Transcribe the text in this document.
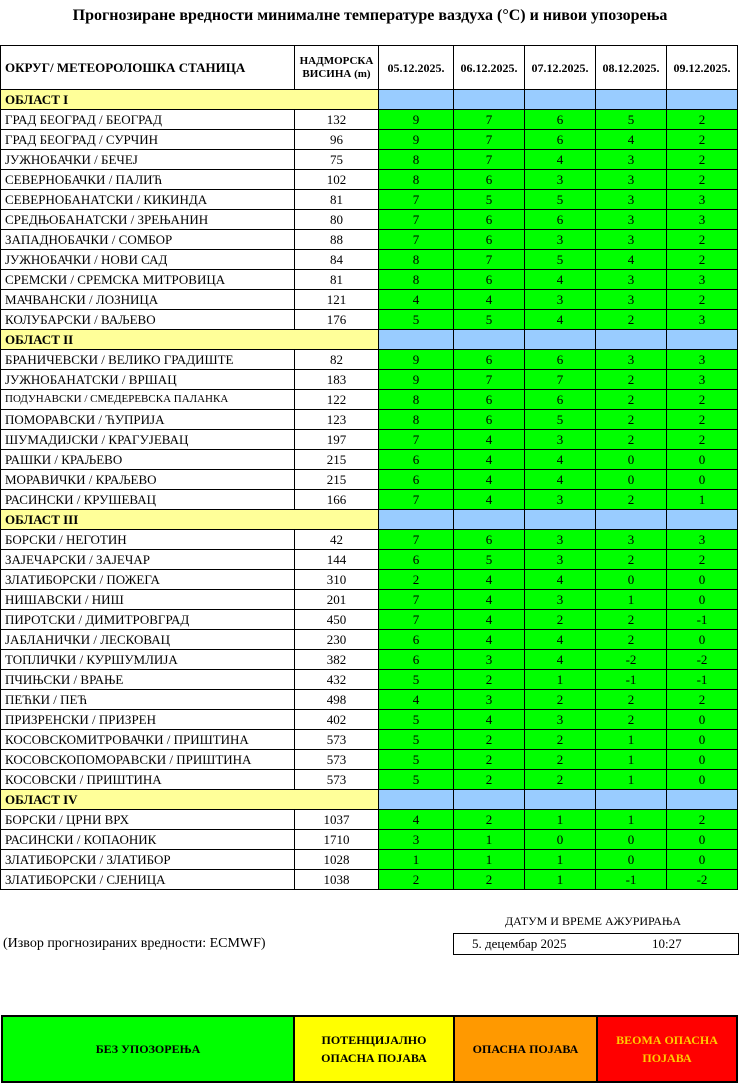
Прогнозиране вредности минималне температуре ваздуха (°C) и нивои упозорења
ОКРУГ/ МЕТЕОРОЛОШКА СТАНИЦА	НАДМОРСКА ВИСИНА (m)	05.12.2025.	06.12.2025.	07.12.2025.	08.12.2025.	09.12.2025.
ОБЛАСТ I						
ГРАД БЕОГРАД / БЕОГРАД	132	9	7	6	5	2
ГРАД БЕОГРАД / СУРЧИН	96	9	7	6	4	2
ЈУЖНОБАЧКИ / БЕЧЕЈ	75	8	7	4	3	2
СЕВЕРНОБАЧКИ / ПАЛИЋ	102	8	6	3	3	2
СЕВЕРНОБАНАТСКИ / КИКИНДА	81	7	5	5	3	3
СРЕДЊОБАНАТСКИ / ЗРЕЊАНИН	80	7	6	6	3	3
ЗАПАДНОБАЧКИ / СОМБОР	88	7	6	3	3	2
ЈУЖНОБАЧКИ / НОВИ САД	84	8	7	5	4	2
СРЕМСКИ / СРЕМСКА МИТРОВИЦА	81	8	6	4	3	3
МАЧВАНСКИ / ЛОЗНИЦА	121	4	4	3	3	2
КОЛУБАРСКИ / ВАЉЕВО	176	5	5	4	2	3
ОБЛАСТ II						
БРАНИЧЕВСКИ / ВЕЛИКО ГРАДИШТЕ	82	9	6	6	3	3
ЈУЖНОБАНАТСКИ / ВРШАЦ	183	9	7	7	2	3
ПОДУНАВСКИ / СМЕДЕРЕВСКА ПАЛАНКА	122	8	6	6	2	2
ПОМОРАВСКИ / ЋУПРИЈА	123	8	6	5	2	2
ШУМАДИЈСКИ / КРАГУЈЕВАЦ	197	7	4	3	2	2
РАШКИ / КРАЉЕВО	215	6	4	4	0	0
МОРАВИЧКИ / КРАЉЕВО	215	6	4	4	0	0
РАСИНСКИ / КРУШЕВАЦ	166	7	4	3	2	1
ОБЛАСТ III						
БОРСКИ / НЕГОТИН	42	7	6	3	3	3
ЗАЈЕЧАРСКИ / ЗАЈЕЧАР	144	6	5	3	2	2
ЗЛАТИБОРСКИ / ПОЖЕГА	310	2	4	4	0	0
НИШАВСКИ / НИШ	201	7	4	3	1	0
ПИРОТСКИ / ДИМИТРОВГРАД	450	7	4	2	2	-1
ЈАБЛАНИЧКИ / ЛЕСКОВАЦ	230	6	4	4	2	0
ТОПЛИЧКИ / КУРШУМЛИЈА	382	6	3	4	-2	-2
ПЧИЊСКИ / ВРАЊЕ	432	5	2	1	-1	-1
ПЕЋКИ / ПЕЋ	498	4	3	2	2	2
ПРИЗРЕНСКИ / ПРИЗРЕН	402	5	4	3	2	0
КОСОВСКОМИТРОВАЧКИ / ПРИШТИНА	573	5	2	2	1	0
КОСОВСКОПОМОРАВСКИ / ПРИШТИНА	573	5	2	2	1	0
КОСОВСКИ / ПРИШТИНА	573	5	2	2	1	0
ОБЛАСТ IV						
БОРСКИ / ЦРНИ ВРХ	1037	4	2	1	1	2
РАСИНСКИ / КОПАОНИК	1710	3	1	0	0	0
ЗЛАТИБОРСКИ / ЗЛАТИБОР	1028	1	1	1	0	0
ЗЛАТИБОРСКИ / СЈЕНИЦА	1038	2	2	1	-1	-2
ДАТУМ И ВРЕМЕ АЖУРИРАЊА
5. децембар 2025	10:27
(Извор прогнозираних вредности: ECMWF)
БЕЗ УПОЗОРЕЊА
ПОТЕНЦИЈАЛНО ОПАСНА ПОЈАВА
ОПАСНА ПОЈАВА
ВЕОМА ОПАСНА ПОЈАВА
